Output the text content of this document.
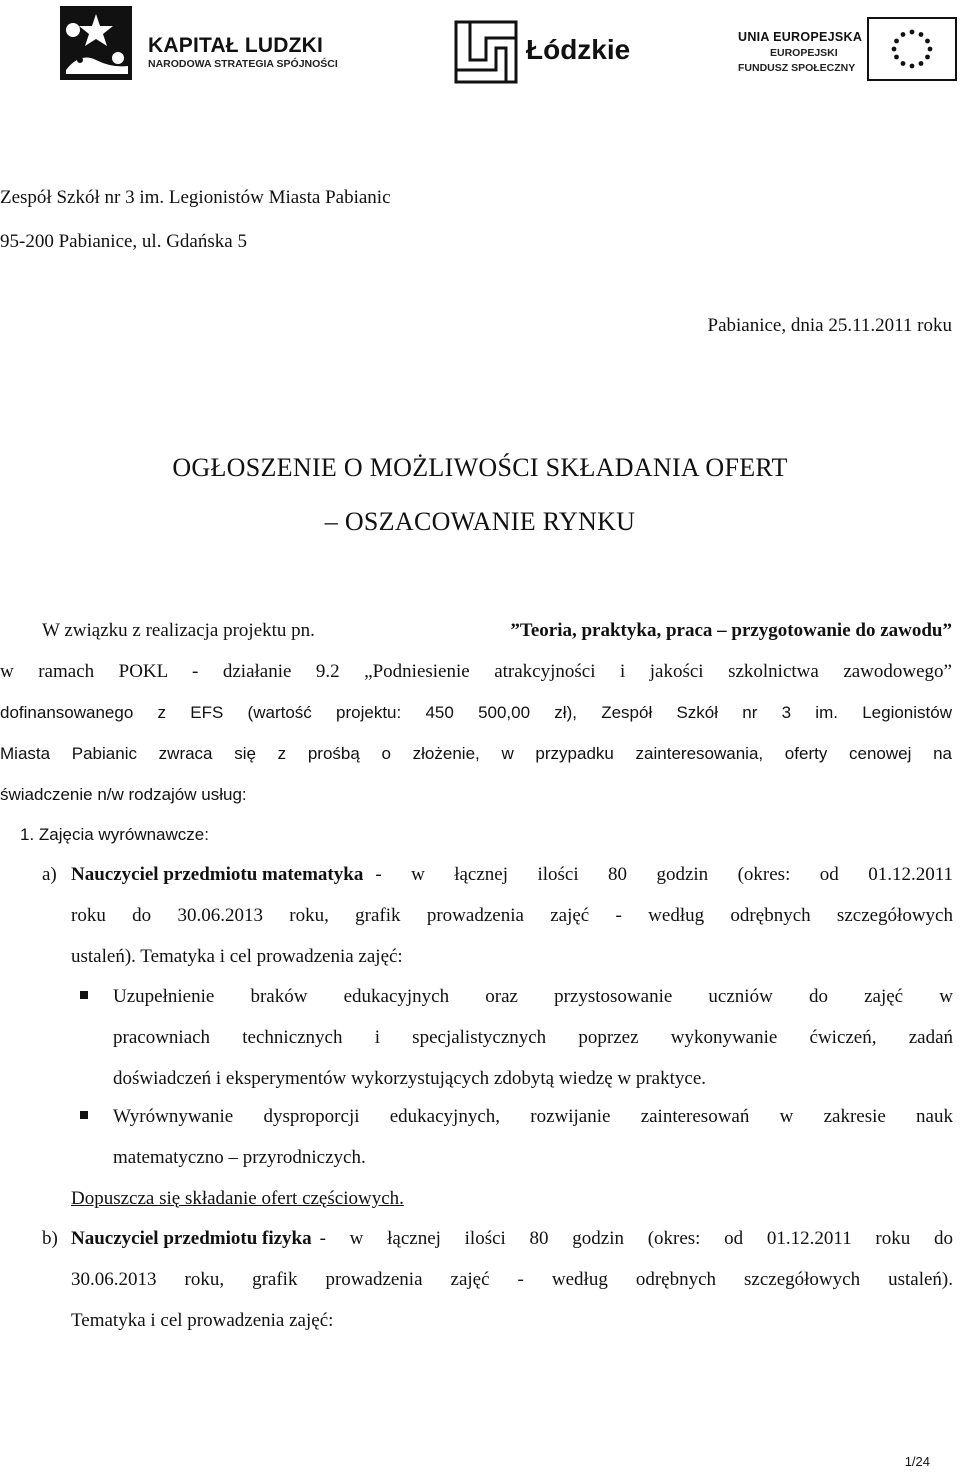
KAPITAŁ LUDZKI
NARODOWA STRATEGIA SPÓJNOŚCI	Łódzkie	UNIA EUROPEJSKA
EUROPEJSKI
FUNDUSZ SPOŁECZNY
Zespół Szkół nr 3 im. Legionistów Miasta Pabianic
95-200 Pabianice, ul. Gdańska 5
Pabianice, dnia 25.11.2011 roku
OGŁOSZENIE O MOŻLIWOŚCI SKŁADANIA OFERT
– OSZACOWANIE RYNKU
W związku z realizacja projektu pn.	”Teoria, praktyka, praca – przygotowanie do zawodu”
w ramach POKL - działanie 9.2 „Podniesienie atrakcyjności i jakości szkolnictwa zawodowego”
dofinansowanego z EFS (wartość projektu: 450 500,00 zł), Zespół Szkół nr 3 im. Legionistów
Miasta Pabianic zwraca się z prośbą o złożenie, w przypadku zainteresowania, oferty cenowej na
świadczenie n/w rodzajów usług:
1. Zajęcia wyrównawcze:
a) Nauczyciel przedmiotu matematyka - w łącznej ilości 80 godzin (okres: od 01.12.2011
roku do 30.06.2013 roku, grafik prowadzenia zajęć - według odrębnych szczegółowych
ustaleń). Tematyka i cel prowadzenia zajęć:
Uzupełnienie braków edukacyjnych oraz przystosowanie uczniów do zajęć w
pracowniach technicznych i specjalistycznych poprzez wykonywanie ćwiczeń, zadań
doświadczeń i eksperymentów wykorzystujących zdobytą wiedzę w praktyce.
Wyrównywanie dysproporcji edukacyjnych, rozwijanie zainteresowań w zakresie nauk
matematyczno – przyrodniczych.
Dopuszcza się składanie ofert częściowych.
b) Nauczyciel przedmiotu fizyka - w łącznej ilości 80 godzin (okres: od 01.12.2011 roku do
30.06.2013 roku, grafik prowadzenia zajęć - według odrębnych szczegółowych ustaleń).
Tematyka i cel prowadzenia zajęć:
1/24
